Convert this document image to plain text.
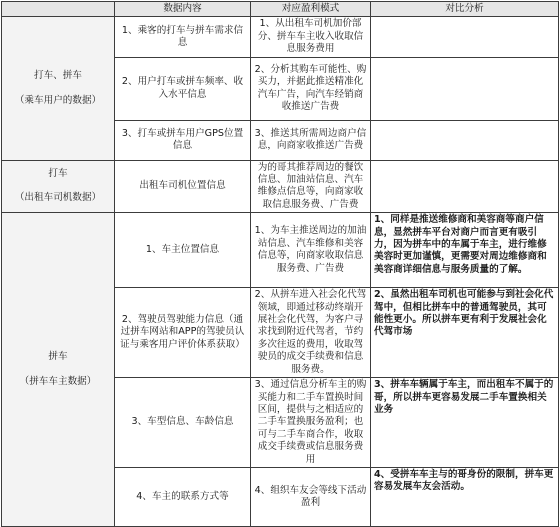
	数据内容	对应盈利模式	对比分析

打车、拼车
（乘车用户的数据）	1、乘客的打车与拼车需求信息	1、从出租车司机加价部分、拼车车主收入收取信息服务费用	
	2、用户打车或拼车频率、收入水平信息	2、分析其购车可能性、购买力，并据此推送精准化汽车广告，向汽车经销商收推送广告费	
	3、打车或拼车用户GPS位置信息	3、推送其所需周边商户信息，向商家收推送广告费	

打车
（出租车司机数据）	出租车司机位置信息	为的哥其推荐周边的餐饮信息、加油站信息、汽车维修点信息等，向商家收取信息服务费、广告费	

拼车
（拼车车主数据）	1、车主位置信息	1、为车主推送周边的加油站信息、汽车维修和美容信息等，向商家收取信息服务费、广告费	1、同样是推送维修商和美容商等商户信息，显然拼车平台对商户而言更有吸引力，因为拼车中的车属于车主，进行维修美容时更加谨慎，更需要对周边维修商和美容商详细信息与服务质量的了解。
	2、驾驶员驾驶能力信息（通过拼车网站和APP的驾驶员认证与乘客用户评价体系获取）	2、从拼车进入社会化代驾领域，即通过移动终端开展社会化代驾，为客户寻求找到附近代驾者，节约多次往返的费用，收取驾驶员的成交手续费和信息服务费。	2、虽然出租车司机也可能参与到社会化代驾中，但相比拼车中的普通驾驶员，其可能性更小。所以拼车更有利于发展社会化代驾市场
	3、车型信息、车龄信息	3、通过信息分析车主的购买能力和二手车置换时间区间，提供与之相适应的二手车置换服务盈利；也可与二手车商合作，收取成交手续费或信息服务费用	3、拼车车辆属于车主，而出租车不属于的哥，所以拼车更容易发展二手车置换相关业务
	4、车主的联系方式等	4、组织车友会等线下活动盈利	4、受拼车车主与的哥身份的限制，拼车更容易发展车友会活动。
